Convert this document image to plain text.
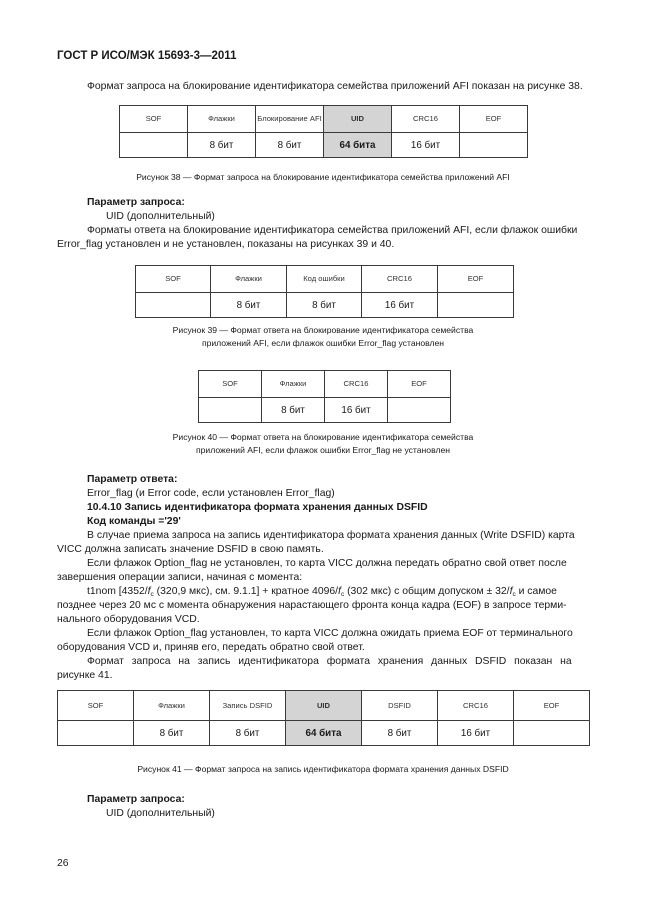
ГОСТ Р ИСО/МЭК 15693-3—2011
Формат запроса на блокирование идентификатора семейства приложений AFI показан на рисунке 38.
SOF	Флажки	Блокирование AFI	UID	CRC16	EOF
	8 бит	8 бит	64 бита	16 бит	
Рисунок 38 — Формат запроса на блокирование идентификатора семейства приложений AFI
Параметр запроса:
UID (дополнительный)
Форматы ответа на блокирование идентификатора семейства приложений AFI, если флажок ошибки
Error_flag установлен и не установлен, показаны на рисунках 39 и 40.
SOF	Флажки	Код ошибки	CRC16	EOF
	8 бит	8 бит	16 бит	
Рисунок 39 — Формат ответа на блокирование идентификатора семейства
приложений AFI, если флажок ошибки Error_flag установлен
SOF	Флажки	CRC16	EOF
	8 бит	16 бит	
Рисунок 40 — Формат ответа на блокирование идентификатора семейства
приложений AFI, если флажок ошибки Error_flag не установлен
Параметр ответа:
Error_flag (и Error code, если установлен Error_flag)
10.4.10 Запись идентификатора формата хранения данных DSFID
Код команды ='29'
В случае приема запроса на запись идентификатора формата хранения данных (Write DSFID) карта
VICC должна записать значение DSFID в свою память.
Если флажок Option_flag не установлен, то карта VICC должна передать обратно свой ответ после
завершения операции записи, начиная с момента:
t1nom [$4352/f_c$ (320,9 мкс), см. 9.1.1] + кратное $4096/f_c$ (302 мкс) с общим допуском ± $32/f_c$ и самое
позднее через 20 мс с момента обнаружения нарастающего фронта конца кадра (EOF) в запросе терми-
нального оборудования VCD.
Если флажок Option_flag установлен, то карта VICC должна ожидать приема EOF от терминального
оборудования VCD и, приняв его, передать обратно свой ответ.
Формат запроса на запись идентификатора формата хранения данных DSFID показан на
рисунке 41.
SOF	Флажки	Запись DSFID	UID	DSFID	CRC16	EOF
	8 бит	8 бит	64 бита	8 бит	16 бит	
Рисунок 41 — Формат запроса на запись идентификатора формата хранения данных DSFID
Параметр запроса:
UID (дополнительный)
26
